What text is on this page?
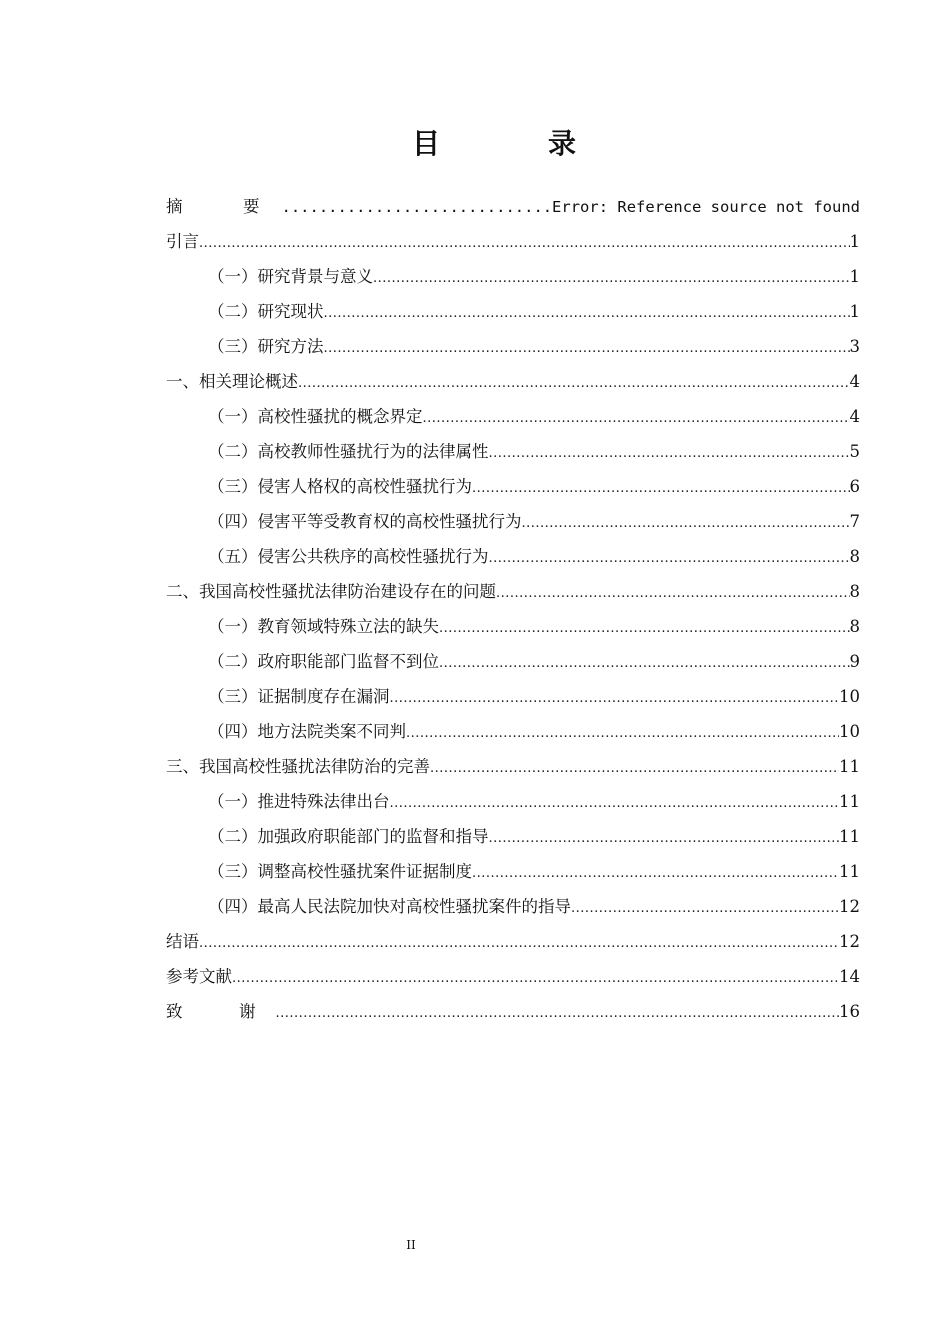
目　录
摘　要 .....	Error: Reference source not found
引言 .....	1
（一）研究背景与意义 .....	1
（二）研究现状 .....	1
（三）研究方法 .....	3
一、相关理论概述 .....	4
（一）高校性骚扰的概念界定 .....	4
（二）高校教师性骚扰行为的法律属性 .....	5
（三）侵害人格权的高校性骚扰行为 .....	6
（四）侵害平等受教育权的高校性骚扰行为 .....	7
（五）侵害公共秩序的高校性骚扰行为 .....	8
二、我国高校性骚扰法律防治建设存在的问题 .....	8
（一）教育领域特殊立法的缺失 .....	8
（二）政府职能部门监督不到位 .....	9
（三）证据制度存在漏洞 .....	10
（四）地方法院类案不同判 .....	10
三、我国高校性骚扰法律防治的完善 .....	11
（一）推进特殊法律出台 .....	11
（二）加强政府职能部门的监督和指导 .....	11
（三）调整高校性骚扰案件证据制度 .....	11
（四）最高人民法院加快对高校性骚扰案件的指导 .....	12
结语 .....	12
参考文献 .....	14
致　谢 .....	16
II
